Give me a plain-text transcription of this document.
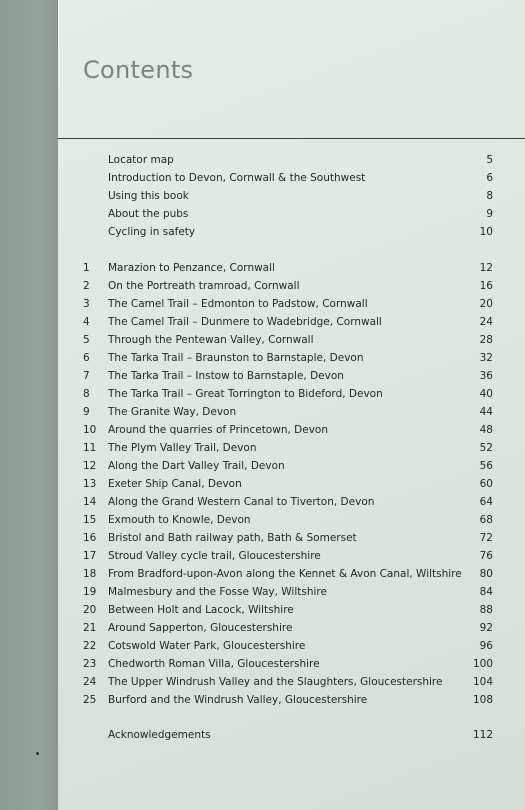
Contents
Locator map	5
Introduction to Devon, Cornwall & the Southwest	6
Using this book	8
About the pubs	9
Cycling in safety	10
1	Marazion to Penzance, Cornwall	12
2	On the Portreath tramroad, Cornwall	16
3	The Camel Trail – Edmonton to Padstow, Cornwall	20
4	The Camel Trail – Dunmere to Wadebridge, Cornwall	24
5	Through the Pentewan Valley, Cornwall	28
6	The Tarka Trail – Braunston to Barnstaple, Devon	32
7	The Tarka Trail – Instow to Barnstaple, Devon	36
8	The Tarka Trail – Great Torrington to Bideford, Devon	40
9	The Granite Way, Devon	44
10	Around the quarries of Princetown, Devon	48
11	The Plym Valley Trail, Devon	52
12	Along the Dart Valley Trail, Devon	56
13	Exeter Ship Canal, Devon	60
14	Along the Grand Western Canal to Tiverton, Devon	64
15	Exmouth to Knowle, Devon	68
16	Bristol and Bath railway path, Bath & Somerset	72
17	Stroud Valley cycle trail, Gloucestershire	76
18	From Bradford-upon-Avon along the Kennet & Avon Canal, Wiltshire 80
19	Malmesbury and the Fosse Way, Wiltshire	84
20	Between Holt and Lacock, Wiltshire	88
21	Around Sapperton, Gloucestershire	92
22	Cotswold Water Park, Gloucestershire	96
23	Chedworth Roman Villa, Gloucestershire	100
24	The Upper Windrush Valley and the Slaughters, Gloucestershire	104
25	Burford and the Windrush Valley, Gloucestershire	108
Acknowledgements	112
